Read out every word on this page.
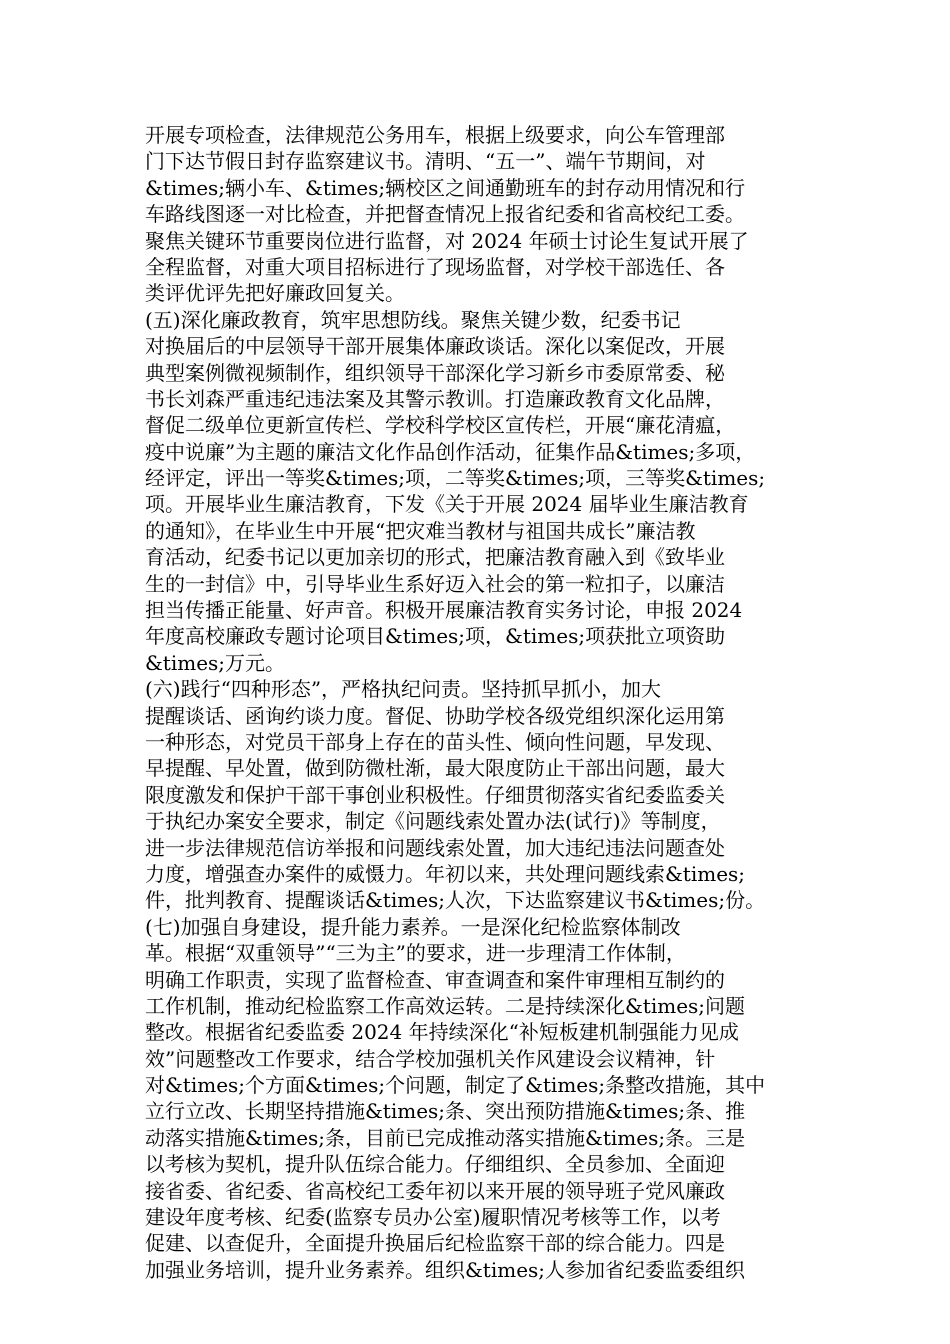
开展专项检查，法律规范公务用车，根据上级要求，向公车管理部
门下达节假日封存监察建议书。清明、“五一”、端午节期间，对
&times;辆小车、&times;辆校区之间通勤班车的封存动用情况和行
车路线图逐一对比检查，并把督查情况上报省纪委和省高校纪工委。
聚焦关键环节重要岗位进行监督，对 2024 年硕士讨论生复试开展了
全程监督，对重大项目招标进行了现场监督，对学校干部选任、各
类评优评先把好廉政回复关。
(五)深化廉政教育，筑牢思想防线。聚焦关键少数，纪委书记
对换届后的中层领导干部开展集体廉政谈话。深化以案促改，开展
典型案例微视频制作，组织领导干部深化学习新乡市委原常委、秘
书长刘森严重违纪违法案及其警示教训。打造廉政教育文化品牌，
督促二级单位更新宣传栏、学校科学校区宣传栏，开展“廉花清瘟，
疫中说廉”为主题的廉洁文化作品创作活动，征集作品&times;多项，
经评定，评出一等奖&times;项，二等奖&times;项，三等奖&times;
项。开展毕业生廉洁教育，下发《关于开展 2024 届毕业生廉洁教育
的通知》，在毕业生中开展“把灾难当教材与祖国共成长”廉洁教
育活动，纪委书记以更加亲切的形式，把廉洁教育融入到《致毕业
生的一封信》中，引导毕业生系好迈入社会的第一粒扣子，以廉洁
担当传播正能量、好声音。积极开展廉洁教育实务讨论，申报 2024
年度高校廉政专题讨论项目&times;项，&times;项获批立项资助
&times;万元。
(六)践行“四种形态”，严格执纪问责。坚持抓早抓小，加大
提醒谈话、函询约谈力度。督促、协助学校各级党组织深化运用第
一种形态，对党员干部身上存在的苗头性、倾向性问题，早发现、
早提醒、早处置，做到防微杜渐，最大限度防止干部出问题，最大
限度激发和保护干部干事创业积极性。仔细贯彻落实省纪委监委关
于执纪办案安全要求，制定《问题线索处置办法(试行)》等制度，
进一步法律规范信访举报和问题线索处置，加大违纪违法问题查处
力度，增强查办案件的威慑力。年初以来，共处理问题线索&times;
件，批判教育、提醒谈话&times;人次，下达监察建议书&times;份。
(七)加强自身建设，提升能力素养。一是深化纪检监察体制改
革。根据“双重领导”“三为主”的要求，进一步理清工作体制，
明确工作职责，实现了监督检查、审查调查和案件审理相互制约的
工作机制，推动纪检监察工作高效运转。二是持续深化&times;问题
整改。根据省纪委监委 2024 年持续深化“补短板建机制强能力见成
效”问题整改工作要求，结合学校加强机关作风建设会议精神，针
对&times;个方面&times;个问题，制定了&times;条整改措施，其中
立行立改、长期坚持措施&times;条、突出预防措施&times;条、推
动落实措施&times;条，目前已完成推动落实措施&times;条。三是
以考核为契机，提升队伍综合能力。仔细组织、全员参加、全面迎
接省委、省纪委、省高校纪工委年初以来开展的领导班子党风廉政
建设年度考核、纪委(监察专员办公室)履职情况考核等工作，以考
促建、以查促升，全面提升换届后纪检监察干部的综合能力。四是
加强业务培训，提升业务素养。组织&times;人参加省纪委监委组织
